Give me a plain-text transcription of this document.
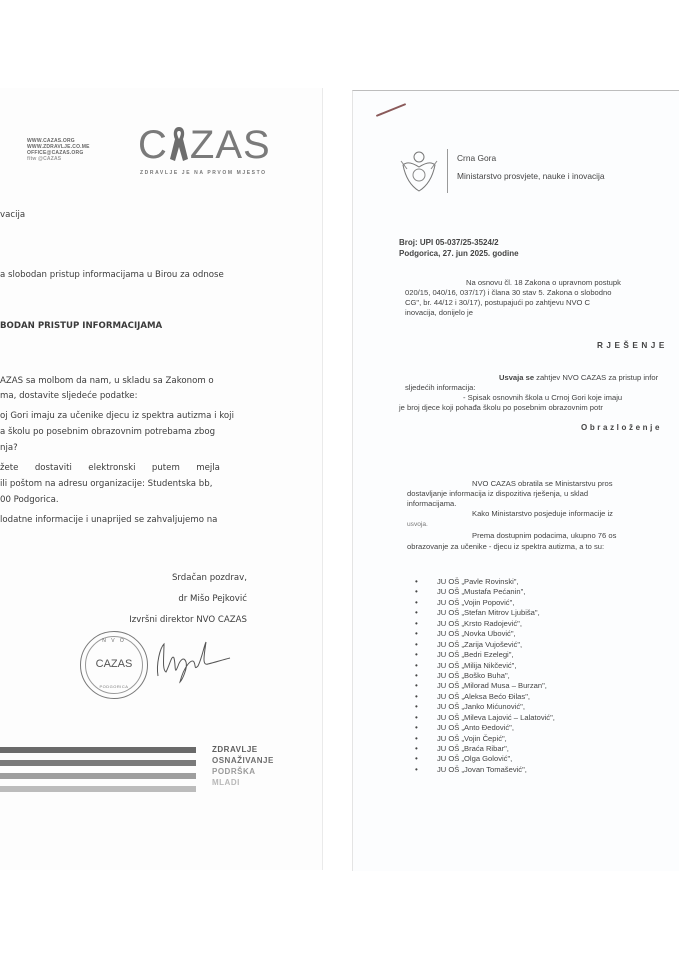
WWW.CAZAS.ORG
WWW.ZDRAVLJE.CO.ME
OFFICE@CAZAS.ORG
f/tw @CAZAS	C ZAS
ZDRAVLJE JE NA PRVOM MJESTO
vacija
a slobodan pristup informacijama u Birou za odnose
BODAN PRISTUP INFORMACIJAMA
AZAS sa molbom da nam, u skladu sa Zakonom o
ma, dostavite sljedeće podatke:
oj Gori imaju za učenike djecu iz spektra autizma i koji
a školu po posebnim obrazovnim potrebama zbog
nja?
žete      dostaviti      elektronski      putem      mejla
ili poštom na adresu organizacije: Studentska bb,
00 Podgorica.
lodatne informacije i unaprijed se zahvaljujemo na
Srdačan pozdrav,
dr Mišo Pejković
Izvršni direktor NVO CAZAS
N V O
CAZAS
PODGORICA
ZDRAVLJE
OSNAŽIVANJE
PODRŠKA
MLADI
Crna Gora
Ministarstvo prosvjete, nauke i inovacija
Broj: UPI 05-037/25-3524/2
Podgorica, 27. jun 2025. godine
Na osnovu čl. 18 Zakona o upravnom postupk
020/15, 040/16, 037/17) i člana 30 stav 5. Zakona o slobodno
CG", br. 44/12 i 30/17), postupajući po zahtjevu NVO C
inovacija, donijelo je
RJEŠENJE
Usvaja se zahtjev NVO CAZAS za pristup infor
sljedećih informacija:
- Spisak osnovnih škola u Crnoj Gori koje imaju
je broj djece koji pohađa školu po posebnim obrazovnim potr
Obrazloženje
NVO CAZAS obratila se Ministarstvu pros
dostavljanje informacija iz dispozitiva rješenja, u sklad
informacijama.
Kako Ministarstvo posjeduje informacije iz
usvoja.
Prema dostupnim podacima, ukupno 76 os
obrazovanje za učenike - djecu iz spektra autizma, a to su:
• JU OŠ „Pavle Rovinski",
• JU OŠ „Mustafa Pećanin",
• JU OŠ „Vojin Popović",
• JU OŠ „Stefan Mitrov Ljubiša",
• JU OŠ „Krsto Radojević",
• JU OŠ „Novka Ubović",
• JU OŠ „Zarija Vujošević",
• JU OŠ „Bedri Ezelegi",
• JU OŠ „Milija Nikčević",
• JU OŠ „Boško Buha",
• JU OŠ „Milorad Musa – Burzan",
• JU OŠ „Aleksa Bećo Đilas",
• JU OŠ „Janko Mićunović",
• JU OŠ „Mileva Lajović – Lalatović",
• JU OŠ „Anto Đedović",
• JU OŠ „Vojin Čepić",
• JU OŠ „Braća Ribar",
• JU OŠ „Olga Golović",
• JU OŠ „Jovan Tomašević",
